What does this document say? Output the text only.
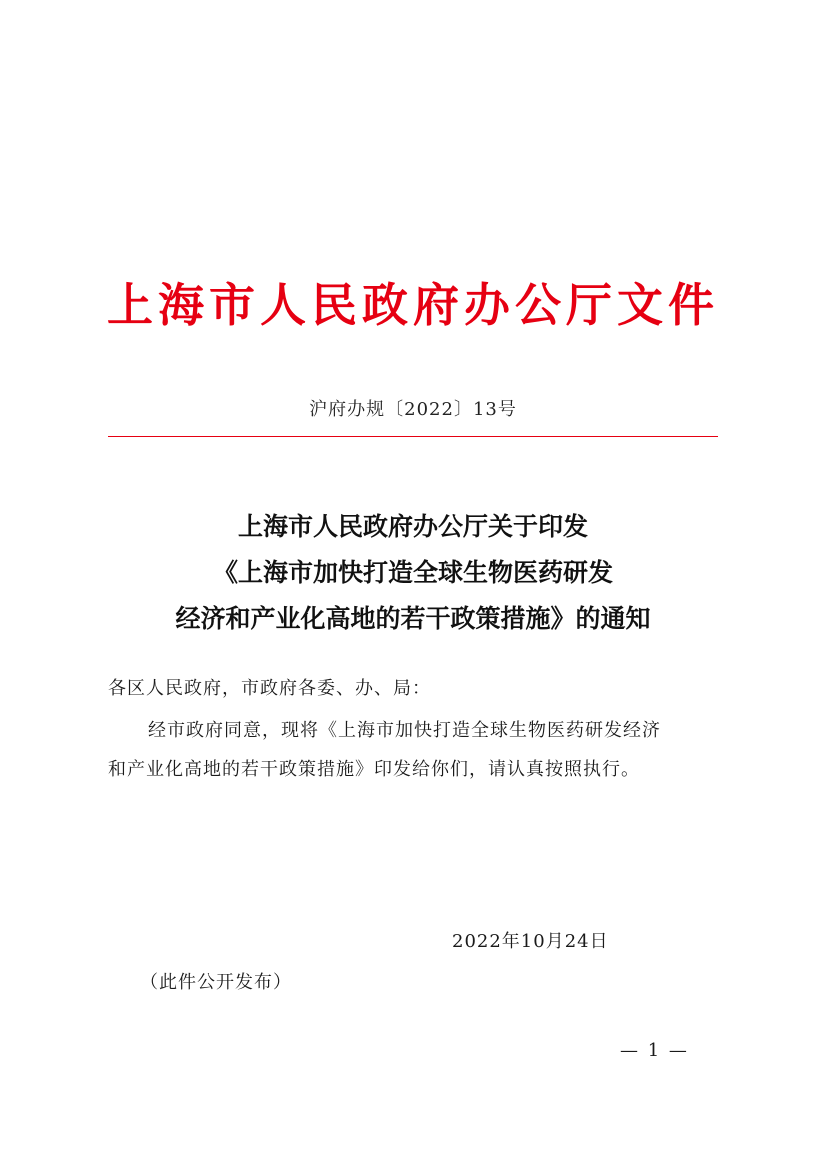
上海市人民政府办公厅文件
沪府办规〔2022〕13号
上海市人民政府办公厅关于印发
《上海市加快打造全球生物医药研发
经济和产业化高地的若干政策措施》的通知
各区人民政府，市政府各委、办、局：
经市政府同意，现将《上海市加快打造全球生物医药研发经济
和产业化高地的若干政策措施》印发给你们，请认真按照执行。
2022年10月24日
（此件公开发布）
— 1 —
